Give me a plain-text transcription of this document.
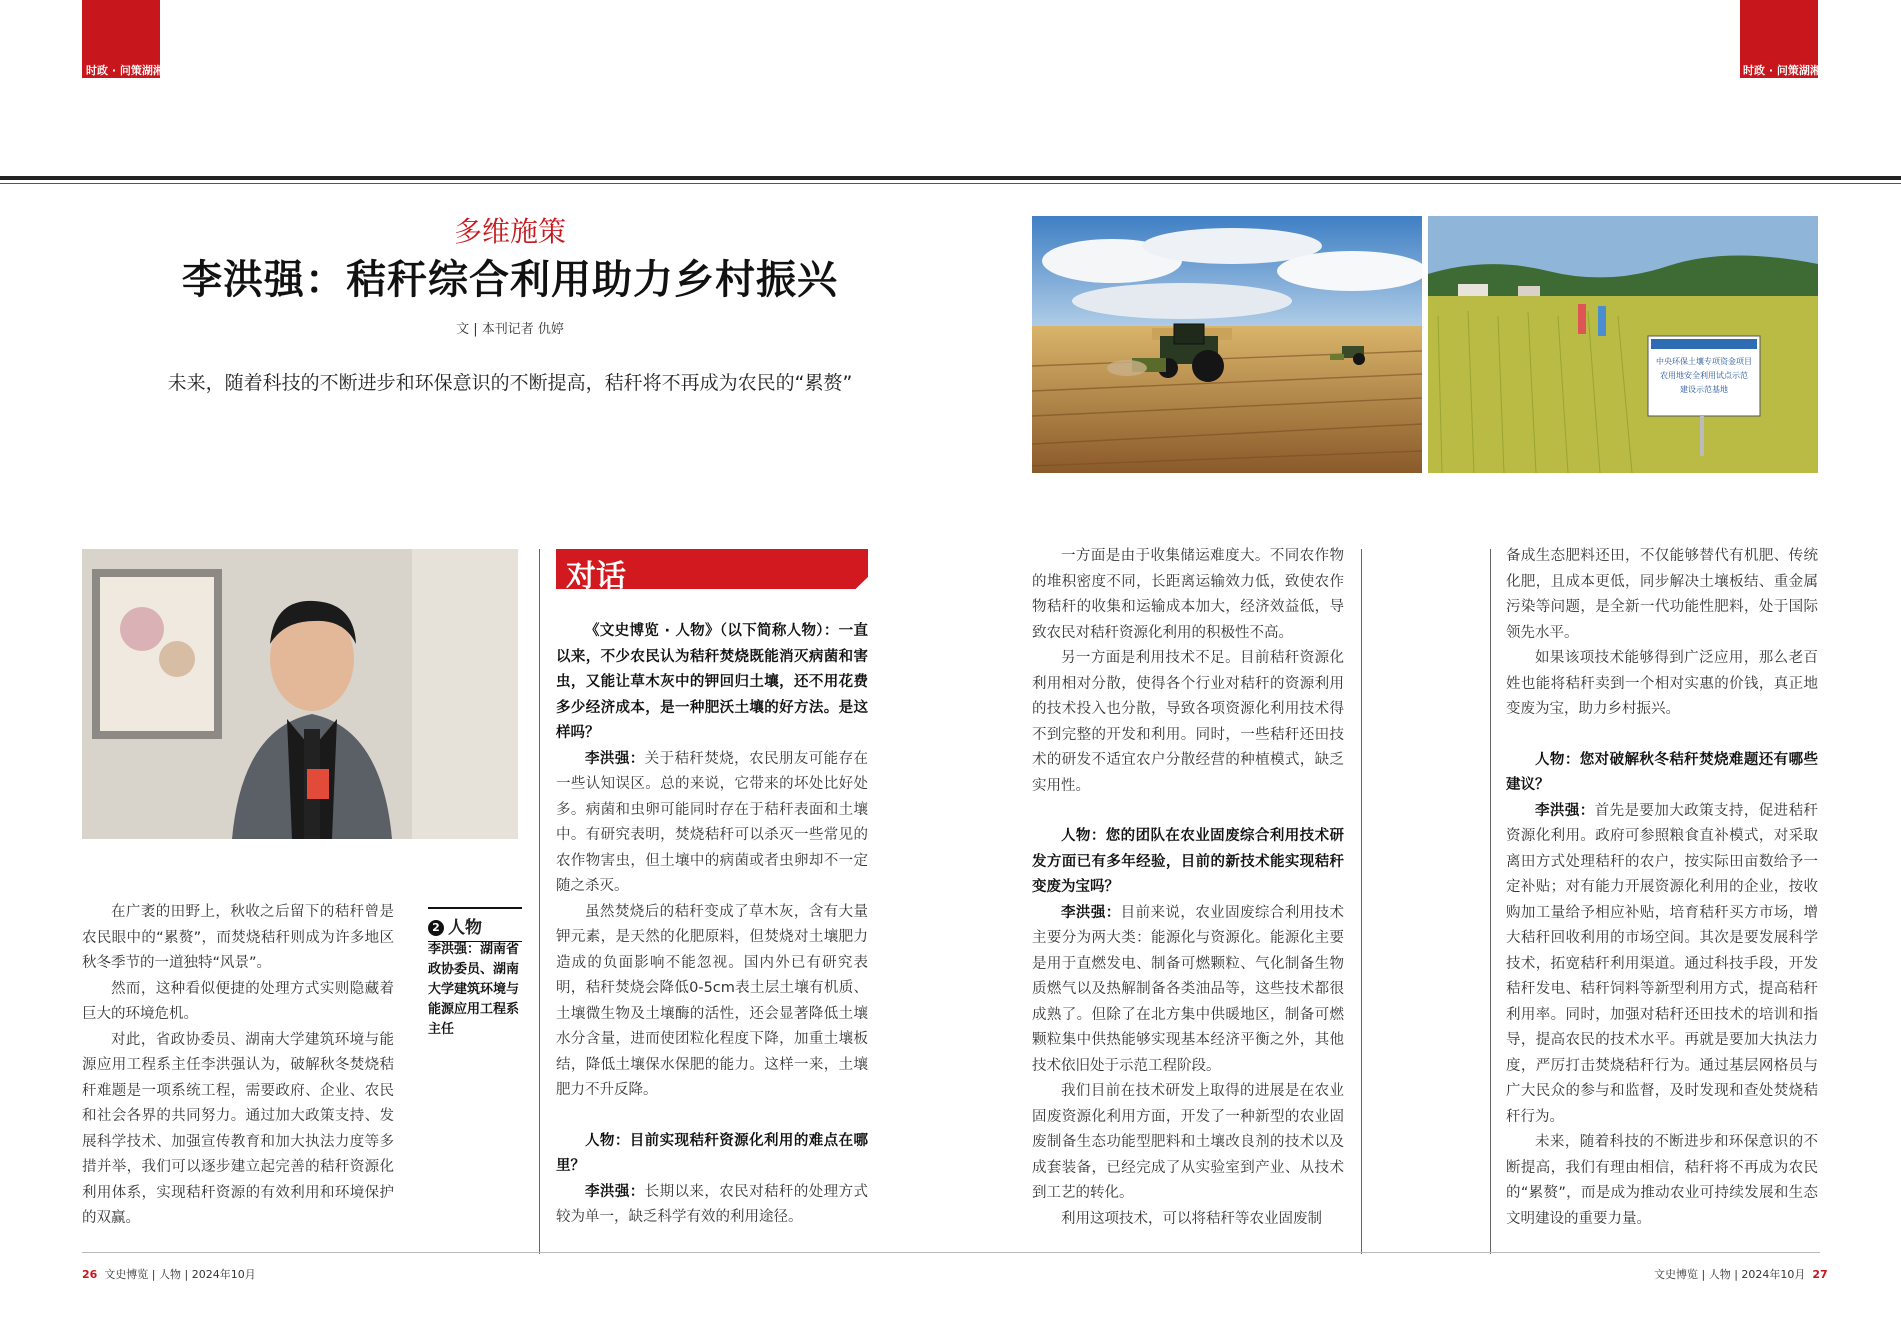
时政 · 问策湖湘	时政 · 问策湖湘
多维施策
李洪强：秸秆综合利用助力乡村振兴
文 | 本刊记者 仇婷
未来，随着科技的不断进步和环保意识的不断提高，秸秆将不再成为农民的“累赘”
中央环保土壤专项资金项目
农用地安全利用试点示范
建设示范基地

在广袤的田野上，秋收之后留下的秸秆曾是农民眼中的“累赘”，而焚烧秸秆则成为许多地区秋冬季节的一道独特“风景”。

然而，这种看似便捷的处理方式实则隐藏着巨大的环境危机。

对此，省政协委员、湖南大学建筑环境与能源应用工程系主任李洪强认为，破解秋冬焚烧秸秆难题是一项系统工程，需要政府、企业、农民和社会各界的共同努力。通过加大政策支持、发展科学技术、加强宣传教育和加大执法力度等多措并举，我们可以逐步建立起完善的秸秆资源化利用体系，实现秸秆资源的有效利用和环境保护的双赢。

2 人物
李洪强：湖南省政协委员、湖南大学建筑环境与能源应用工程系主任
对话

《文史博览 · 人物》（以下简称人物）：一直以来，不少农民认为秸秆焚烧既能消灭病菌和害虫，又能让草木灰中的钾回归土壤，还不用花费多少经济成本，是一种肥沃土壤的好方法。是这样吗？

李洪强：关于秸秆焚烧，农民朋友可能存在一些认知误区。总的来说，它带来的坏处比好处多。病菌和虫卵可能同时存在于秸秆表面和土壤中。有研究表明，焚烧秸秆可以杀灭一些常见的农作物害虫，但土壤中的病菌或者虫卵却不一定随之杀灭。

虽然焚烧后的秸秆变成了草木灰，含有大量钾元素，是天然的化肥原料，但焚烧对土壤肥力造成的负面影响不能忽视。国内外已有研究表明，秸秆焚烧会降低0-5cm表土层土壤有机质、土壤微生物及土壤酶的活性，还会显著降低土壤水分含量，进而使团粒化程度下降，加重土壤板结，降低土壤保水保肥的能力。这样一来，土壤肥力不升反降。

人物：目前实现秸秆资源化利用的难点在哪里？

李洪强：长期以来，农民对秸秆的处理方式较为单一，缺乏科学有效的利用途径。

一方面是由于收集储运难度大。不同农作物的堆积密度不同，长距离运输效力低，致使农作物秸秆的收集和运输成本加大，经济效益低，导致农民对秸秆资源化利用的积极性不高。

另一方面是利用技术不足。目前秸秆资源化利用相对分散，使得各个行业对秸秆的资源利用的技术投入也分散，导致各项资源化利用技术得不到完整的开发和利用。同时，一些秸秆还田技术的研发不适宜农户分散经营的种植模式，缺乏实用性。

人物：您的团队在农业固废综合利用技术研发方面已有多年经验，目前的新技术能实现秸秆变废为宝吗？

李洪强：目前来说，农业固废综合利用技术主要分为两大类：能源化与资源化。能源化主要是用于直燃发电、制备可燃颗粒、气化制备生物质燃气以及热解制备各类油品等，这些技术都很成熟了。但除了在北方集中供暖地区，制备可燃颗粒集中供热能够实现基本经济平衡之外，其他技术依旧处于示范工程阶段。

我们目前在技术研发上取得的进展是在农业固废资源化利用方面，开发了一种新型的农业固废制备生态功能型肥料和土壤改良剂的技术以及成套装备，已经完成了从实验室到产业、从技术到工艺的转化。

利用这项技术，可以将秸秆等农业固废制

备成生态肥料还田，不仅能够替代有机肥、传统化肥，且成本更低，同步解决土壤板结、重金属污染等问题，是全新一代功能性肥料，处于国际领先水平。

如果该项技术能够得到广泛应用，那么老百姓也能将秸秆卖到一个相对实惠的价钱，真正地变废为宝，助力乡村振兴。

人物：您对破解秋冬秸秆焚烧难题还有哪些建议？

李洪强：首先是要加大政策支持，促进秸秆资源化利用。政府可参照粮食直补模式，对采取离田方式处理秸秆的农户，按实际田亩数给予一定补贴；对有能力开展资源化利用的企业，按收购加工量给予相应补贴，培育秸秆买方市场，增大秸秆回收利用的市场空间。其次是要发展科学技术，拓宽秸秆利用渠道。通过科技手段，开发秸秆发电、秸秆饲料等新型利用方式，提高秸秆利用率。同时，加强对秸秆还田技术的培训和指导，提高农民的技术水平。再就是要加大执法力度，严厉打击焚烧秸秆行为。通过基层网格员与广大民众的参与和监督，及时发现和查处焚烧秸秆行为。

未来，随着科技的不断进步和环保意识的不断提高，我们有理由相信，秸秆将不再成为农民的“累赘”，而是成为推动农业可持续发展和生态文明建设的重要力量。

26 文史博览 | 人物 | 2024年10月	文史博览 | 人物 | 2024年10月 27
